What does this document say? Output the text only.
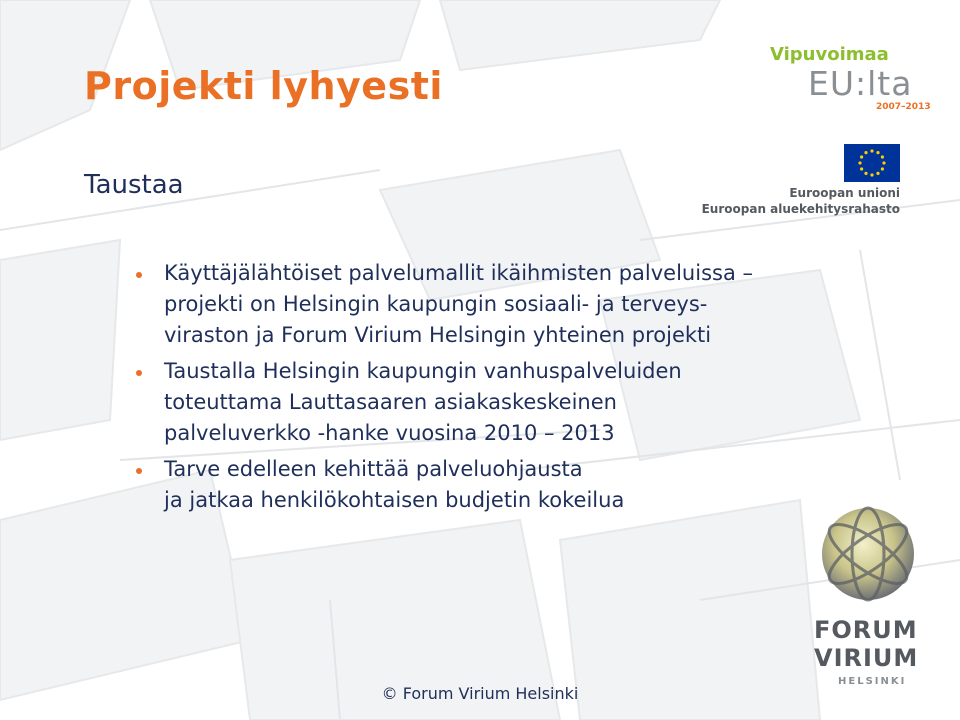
Projekti lyhyesti
Taustaa
Käyttäjälähtöiset palvelumallit ikäihmisten palveluissa –
projekti on Helsingin kaupungin sosiaali- ja terveys-
viraston ja Forum Virium Helsingin yhteinen projekti
Taustalla Helsingin kaupungin vanhuspalveluiden
toteuttama Lauttasaaren asiakaskeskeinen
palveluverkko -hanke vuosina 2010 – 2013
Tarve edelleen kehittää palveluohjausta
ja jatkaa henkilökohtaisen budjetin kokeilua
Vipuvoimaa
EU:lta
2007–2013
Euroopan unioni
Euroopan aluekehitysrahasto
FORUM
VIRIUM
HELSINKI
© Forum Virium Helsinki
